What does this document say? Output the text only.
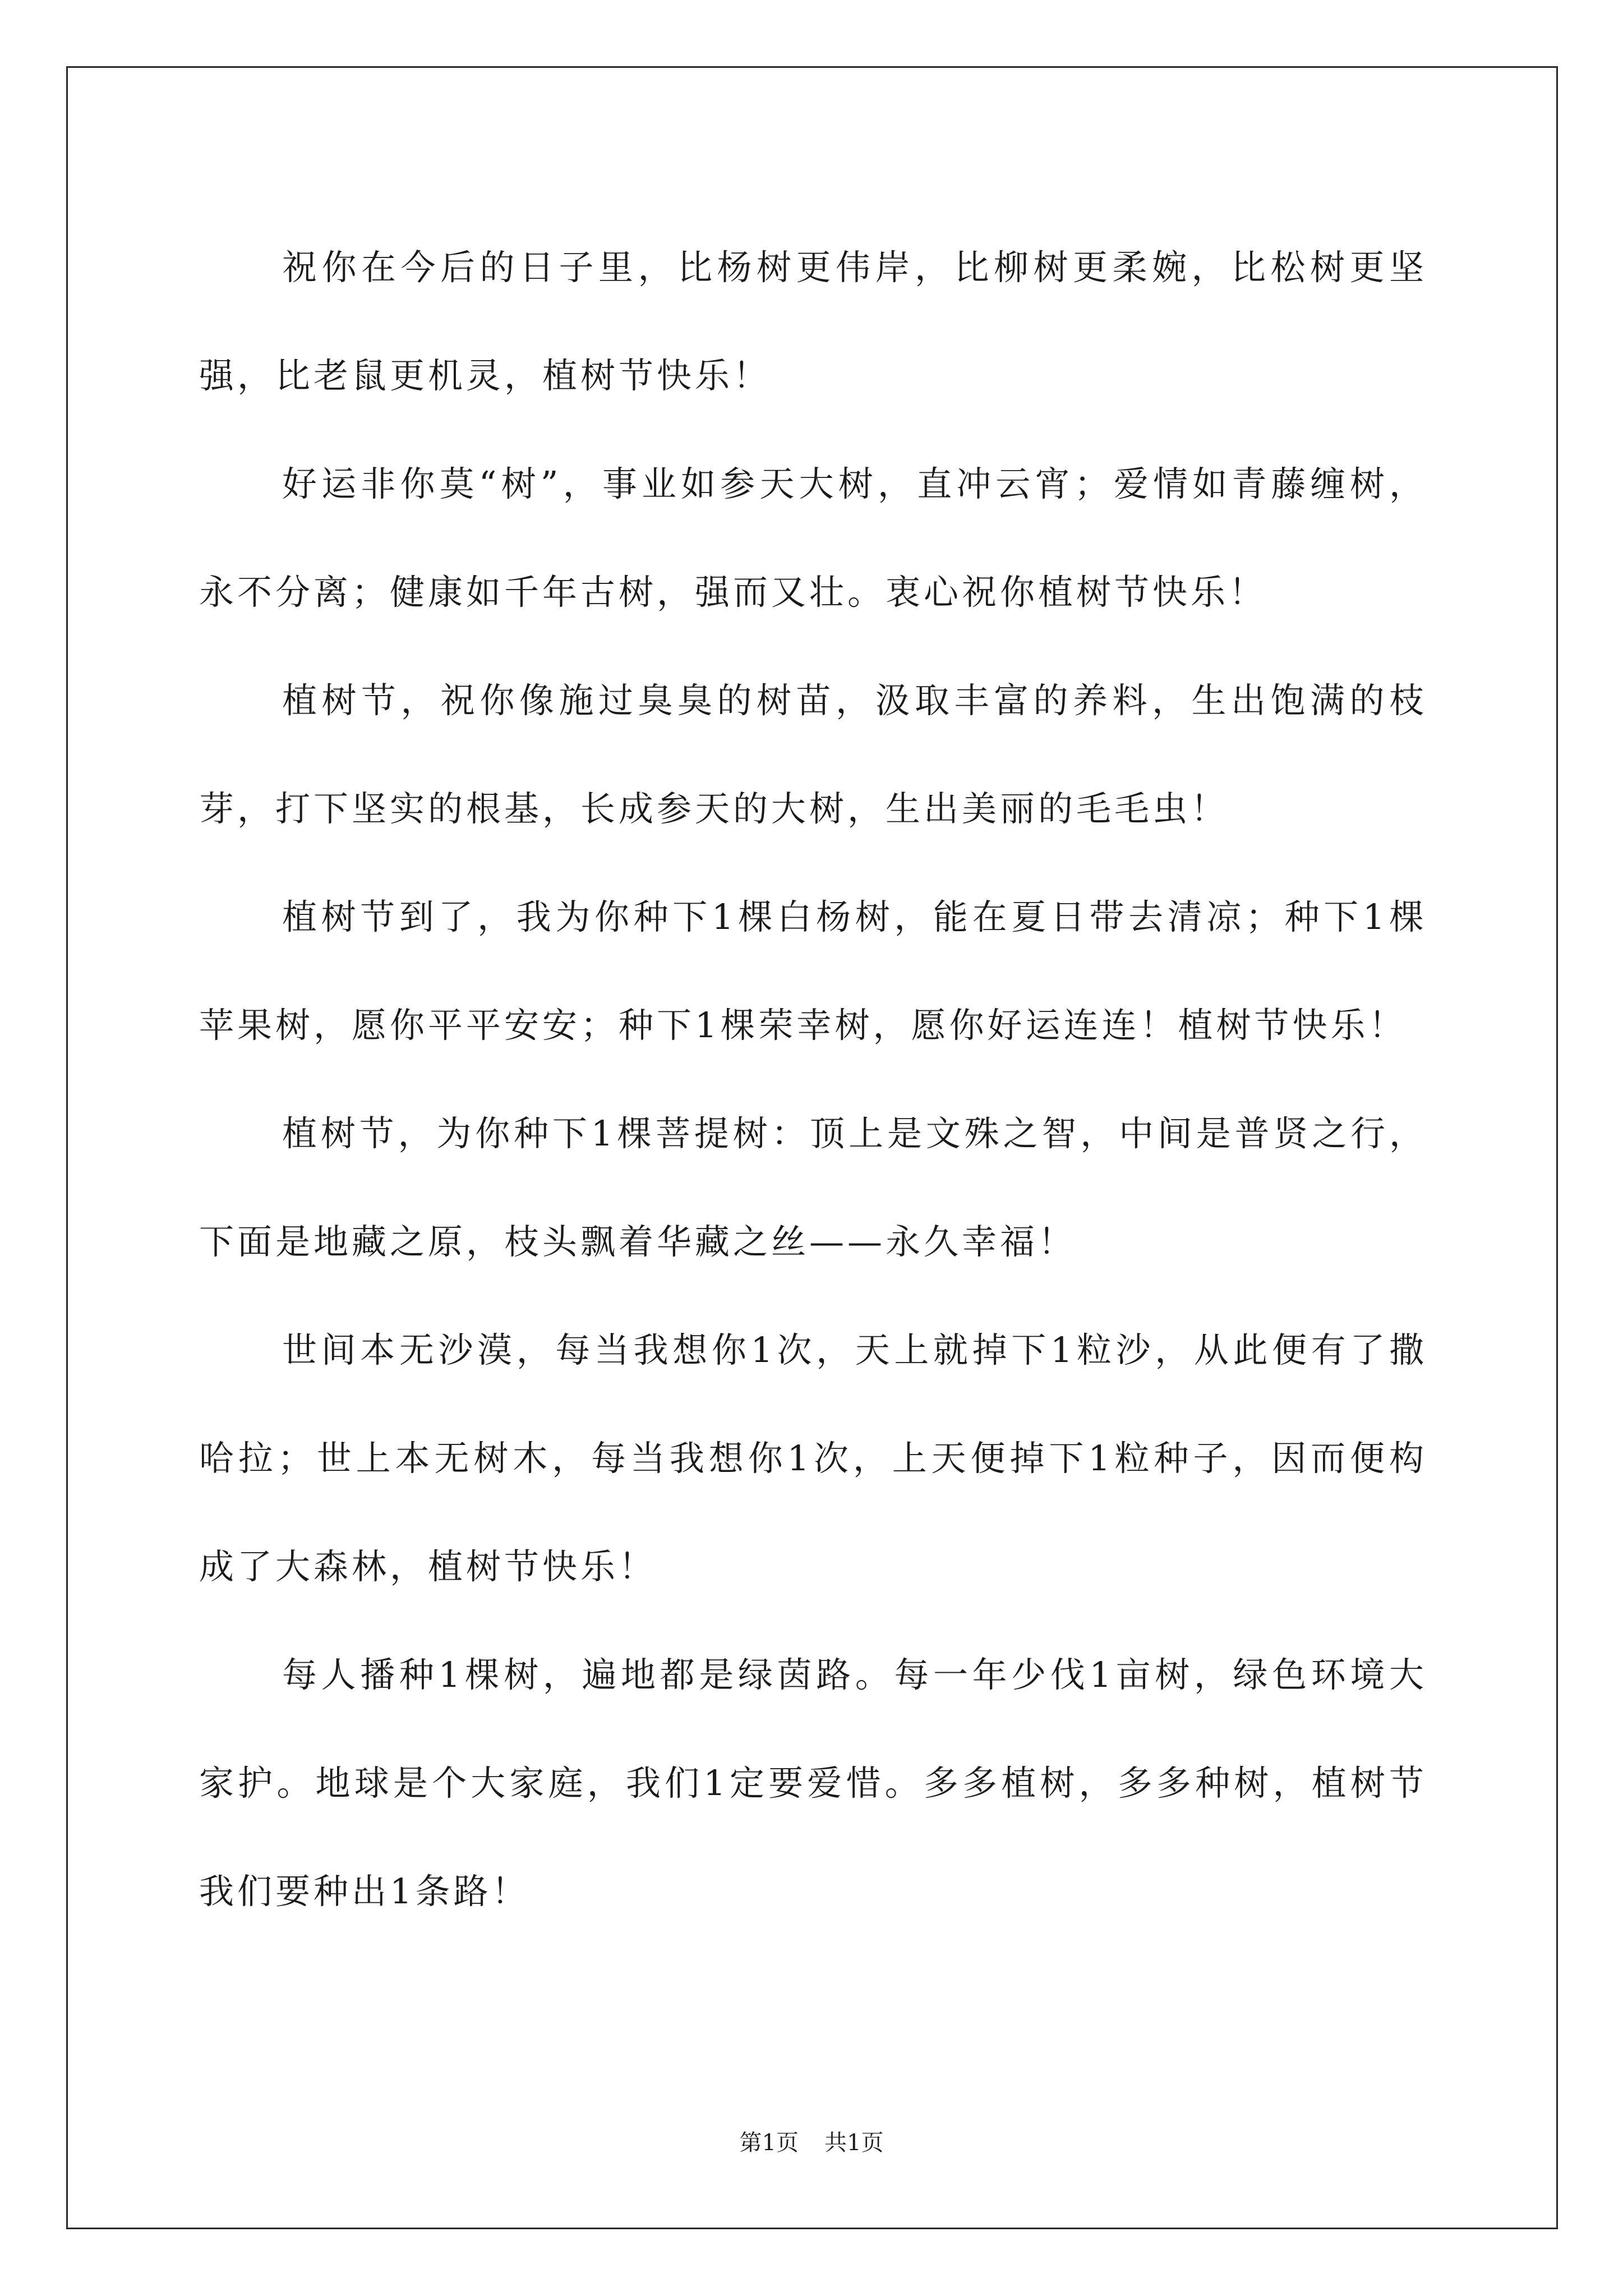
祝你在今后的日子里，比杨树更伟岸，比柳树更柔婉，比松树更坚强，比老鼠更机灵，植树节快乐！

好运非你莫“树”，事业如参天大树，直冲云宵；爱情如青藤缠树，永不分离；健康如千年古树，强而又壮。衷心祝你植树节快乐！

植树节，祝你像施过臭臭的树苗，汲取丰富的养料，生出饱满的枝芽，打下坚实的根基，长成参天的大树，生出美丽的毛毛虫！

植树节到了，我为你种下1棵白杨树，能在夏日带去清凉；种下1棵苹果树，愿你平平安安；种下1棵荣幸树，愿你好运连连！植树节快乐！

植树节，为你种下1棵菩提树：顶上是文殊之智，中间是普贤之行，下面是地藏之原，枝头飘着华藏之丝——永久幸福！

世间本无沙漠，每当我想你1次，天上就掉下1粒沙，从此便有了撒哈拉；世上本无树木，每当我想你1次，上天便掉下1粒种子，因而便构成了大森林，植树节快乐！

每人播种1棵树，遍地都是绿茵路。每一年少伐1亩树，绿色环境大家护。地球是个大家庭，我们1定要爱惜。多多植树，多多种树，植树节我们要种出1条路！

第1页 共1页
